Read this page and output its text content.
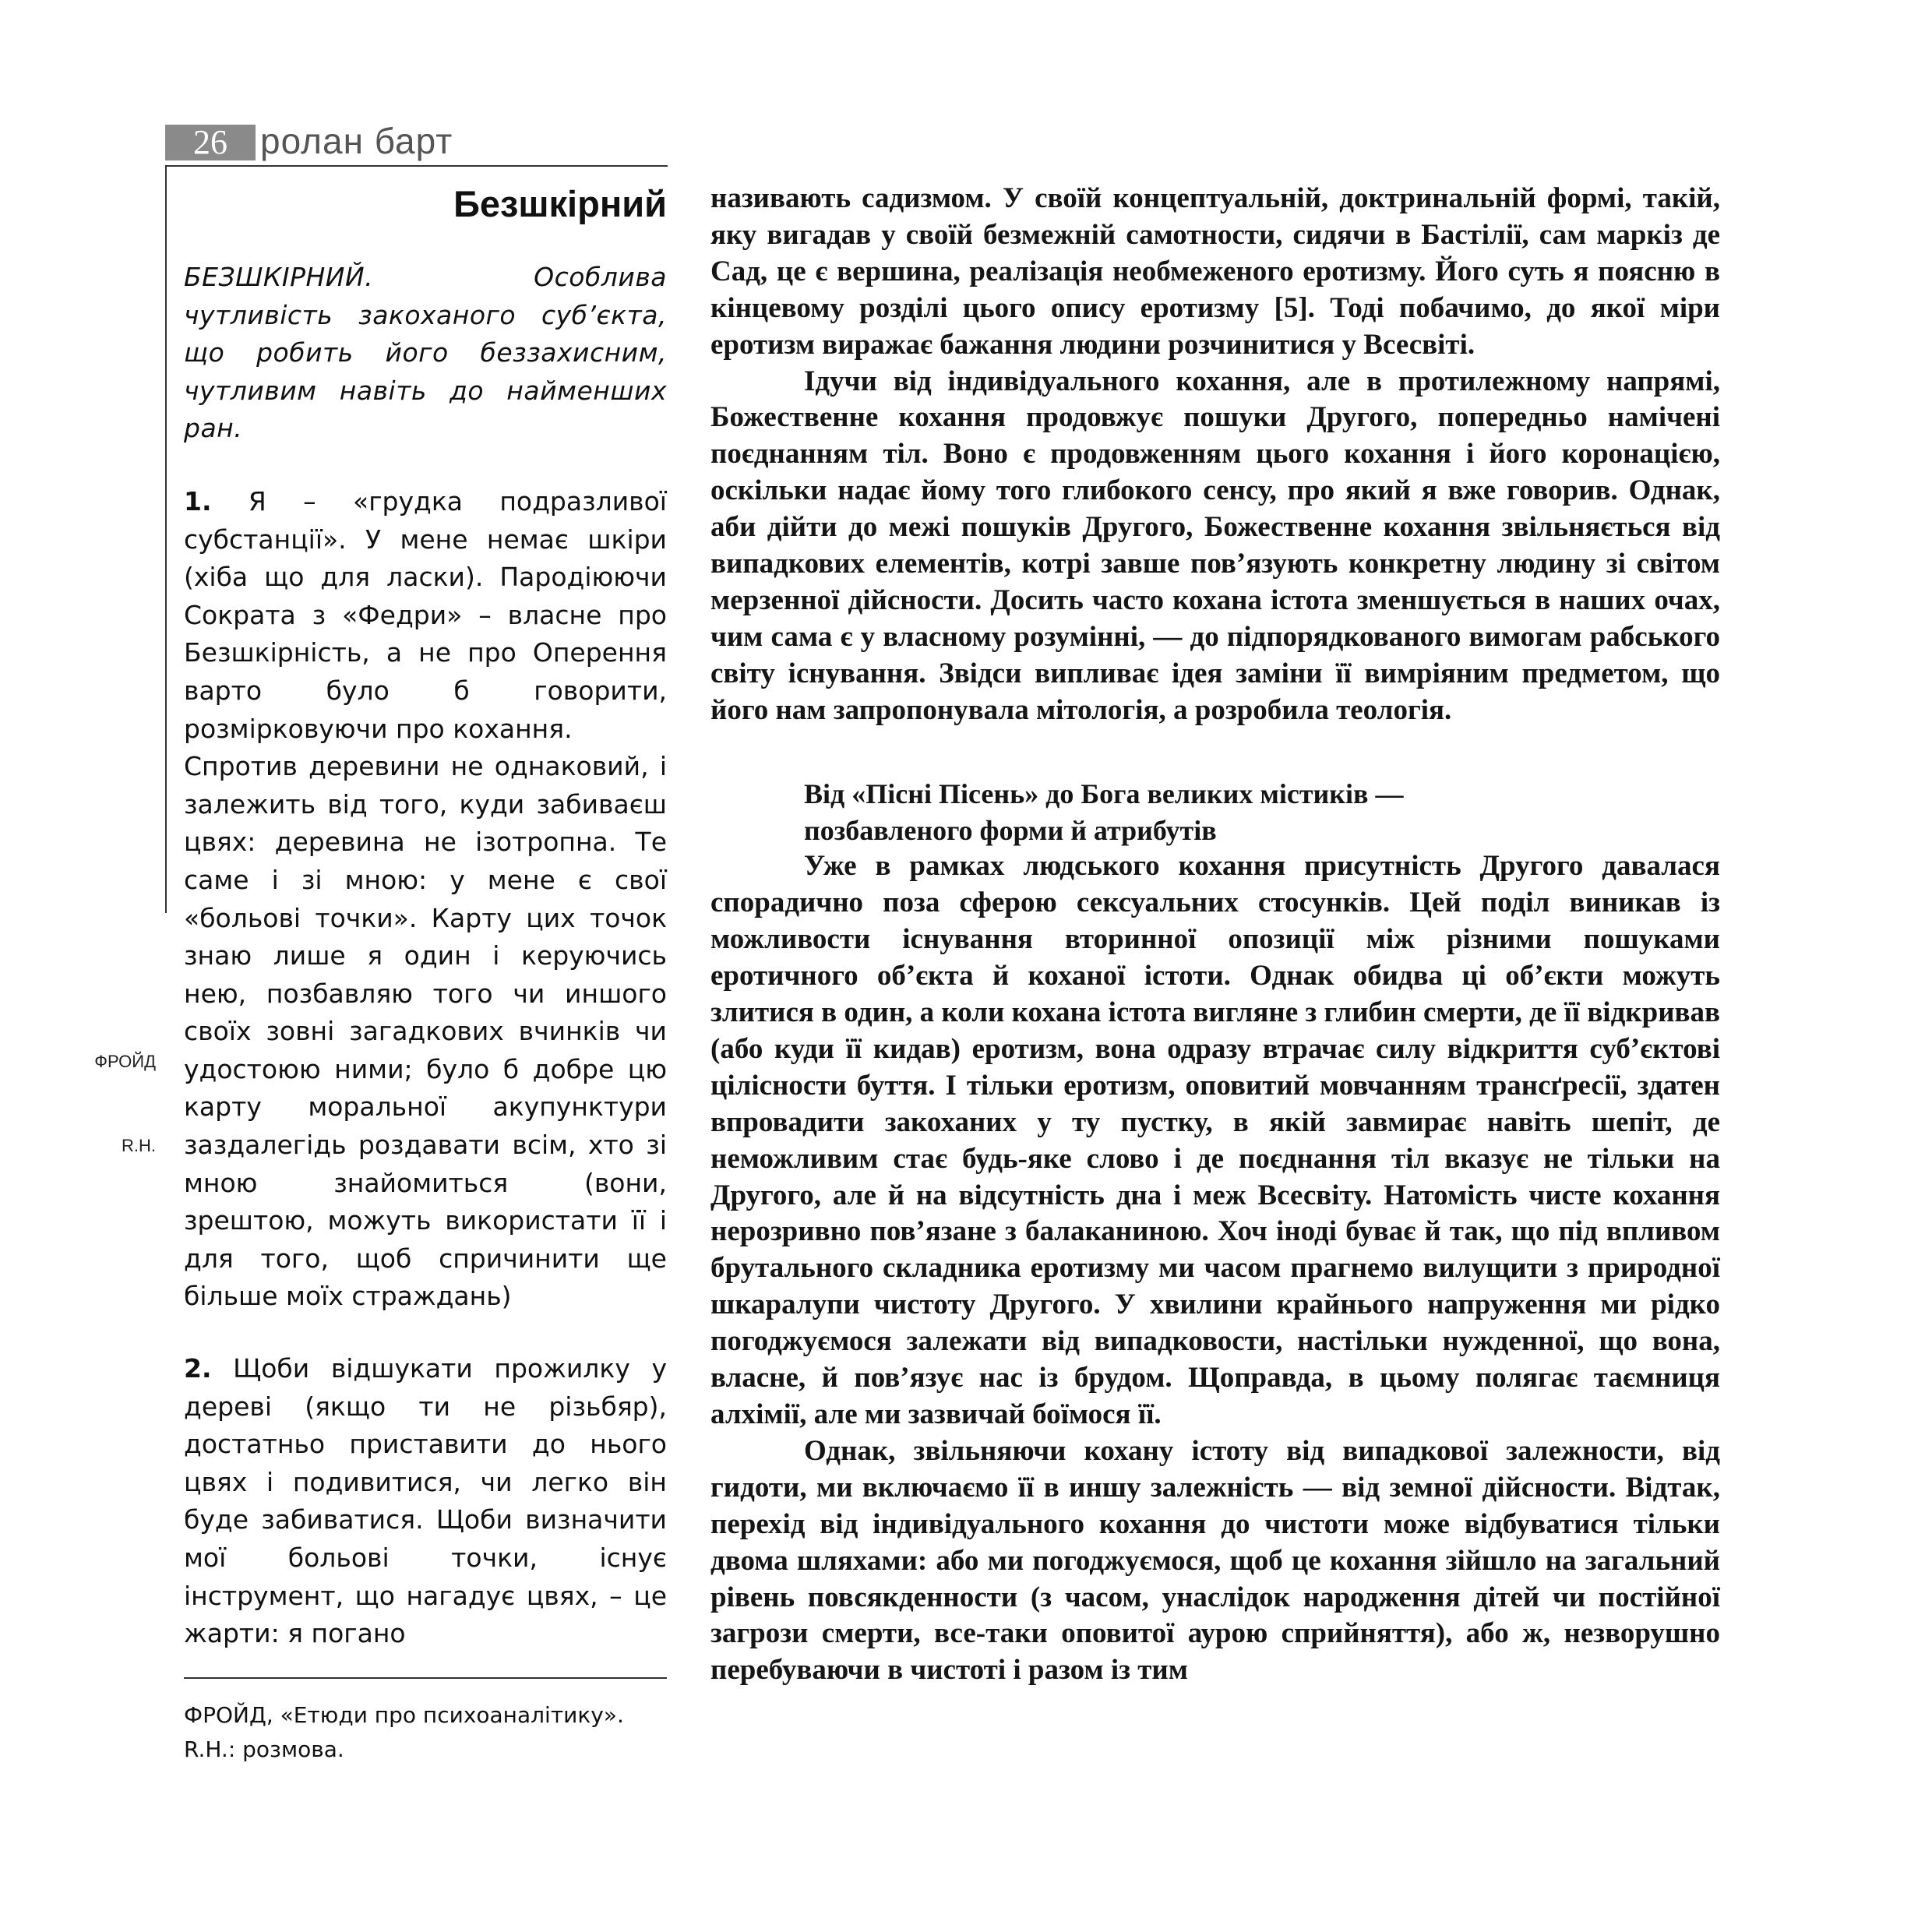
26 ролан барт
Безшкірний

БЕЗШКІРНИЙ. Особлива чутливість закоханого суб’єкта, що робить його беззахисним, чутливим навіть до найменших ран.

1. Я – «грудка подразливої субстанції». У мене немає шкіри (хіба що для ласки). Пародіюючи Сократа з «Федри» – власне про Безшкірність, а не про Оперення варто було б говорити, розмірковуючи про кохання.

Спротив деревини не однаковий, і залежить від того, куди забиваєш цвях: деревина не ізотропна. Те саме і зі мною: у мене є свої «больові точки». Карту цих точок знаю лише я один і керуючись нею, позбавляю того чи иншого своїх зовні загадкових вчинків чи удостоюю ними; було б добре цю карту моральної акупунктури заздалегідь роздавати всім, хто зі мною знайомиться (вони, зрештою, можуть використати її і для того, щоб спричинити ще більше моїх страждань)

2. Щоби відшукати прожилку у дереві (якщо ти не різьбяр), достатньо приставити до нього цвях і подивитися, чи легко він буде забиватися. Щоби визначити мої больові точки, існує інструмент, що нагадує цвях, – це жарти: я погано

ФРОЙД
R.H.
ФРОЙД, «Етюди про психоаналітику».
R.H.: розмова.

називають садизмом. У своїй концептуальній, доктринальній формі, такій, яку вигадав у своїй безмежній самотности, сидячи в Бастілії, сам маркіз де Сад, це є вершина, реалізація необмеженого еротизму. Його суть я поясню в кінцевому розділі цього опису еротизму [5]. Тоді побачимо, до якої міри еротизм виражає бажання людини розчинитися у Всесвіті.

Ідучи від індивідуального кохання, але в протилежному напрямі, Божественне кохання продовжує пошуки Другого, попередньо намічені поєднанням тіл. Воно є продовженням цього кохання і його коронацією, оскільки надає йому того глибокого сенсу, про який я вже говорив. Однак, аби дійти до межі пошуків Другого, Божественне кохання звільняється від випадкових елементів, котрі завше пов’язують конкретну людину зі світом мерзенної дійсности. Досить часто кохана істота зменшується в наших очах, чим сама є у власному розумінні, — до підпорядкованого вимогам рабського світу існування. Звідси випливає ідея заміни її вимріяним предметом, що його нам запропонувала мітологія, а розробила теологія.

Від «Пісні Пісень» до Бога великих містиків —
позбавленого форми й атрибутів

Уже в рамках людського кохання присутність Другого давалася спорадично поза сферою сексуальних стосунків. Цей поділ виникав із можливости існування вторинної опозиції між різними пошуками еротичного об’єкта й коханої істоти. Однак обидва ці об’єкти можуть злитися в один, а коли кохана істота вигляне з глибин смерти, де її відкривав (або куди її кидав) еротизм, вона одразу втрачає силу відкриття суб’єктові цілісности буття. І тільки еротизм, оповитий мовчанням трансґресії, здатен впровадити закоханих у ту пустку, в якій завмирає навіть шепіт, де неможливим стає будь-яке слово і де поєднання тіл вказує не тільки на Другого, але й на відсутність дна і меж Всесвіту. Натомість чисте кохання нерозривно пов’язане з балаканиною. Хоч іноді буває й так, що під впливом брутального складника еротизму ми часом прагнемо вилущити з природної шкаралупи чистоту Другого. У хвилини крайнього напруження ми рідко погоджуємося залежати від випадковости, настільки нужденної, що вона, власне, й пов’язує нас із брудом. Щоправда, в цьому полягає таємниця алхімії, але ми зазвичай боїмося її.

Однак, звільняючи кохану істоту від випадкової залежности, від гидоти, ми включаємо її в иншу залежність — від земної дійсности. Відтак, перехід від індивідуального кохання до чистоти може відбуватися тільки двома шляхами: або ми погоджуємося, щоб це кохання зійшло на загальний рівень повсякденности (з часом, унаслідок народження дітей чи постійної загрози смерти, все-таки оповитої аурою сприйняття), або ж, незворушно перебуваючи в чистоті і разом із тим
